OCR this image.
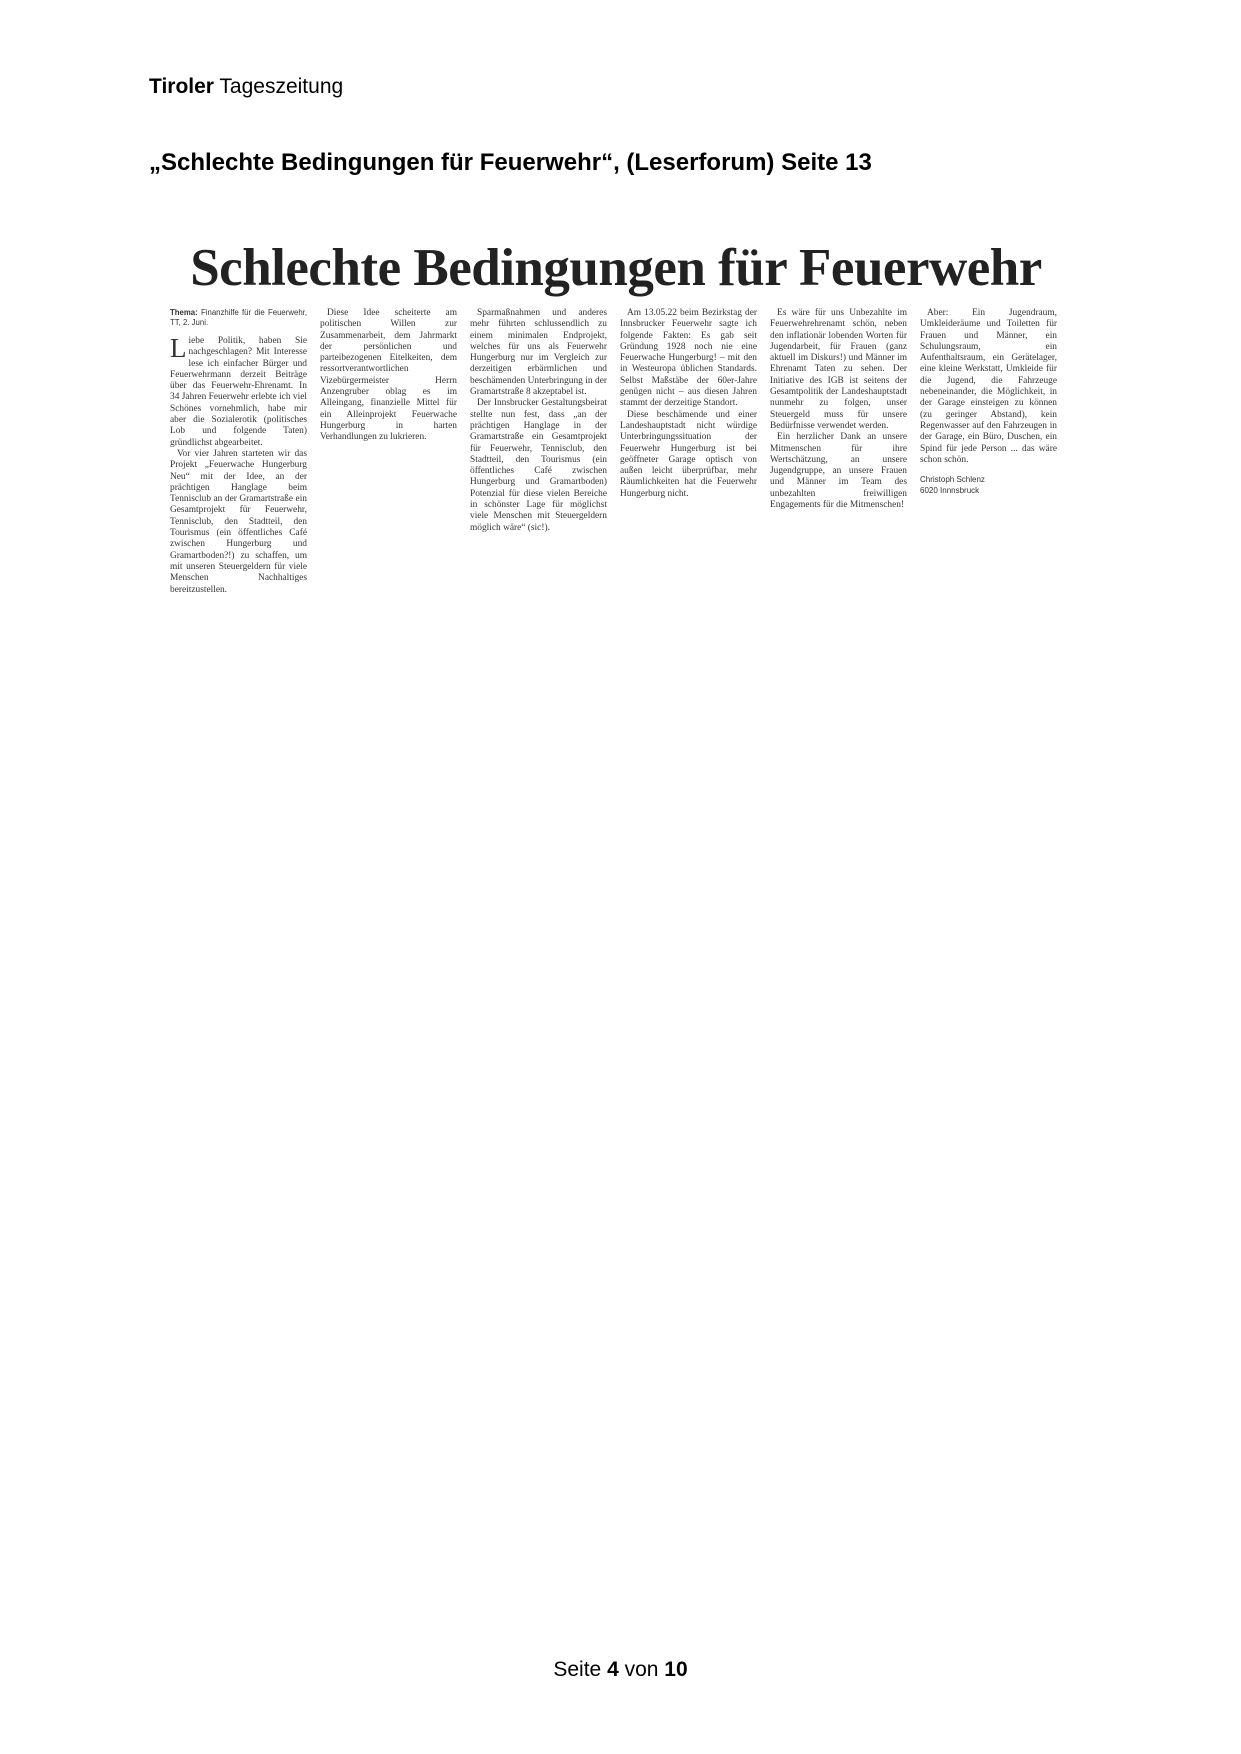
Tiroler Tageszeitung
„Schlechte Bedingungen für Feuerwehr“, (Leserforum) Seite 13
Schlechte Bedingungen für Feuerwehr

Thema: Finanzhilfe für die Feuerwehr, TT, 2. Juni.

Liebe Politik, haben Sie nachgeschlagen? Mit Interesse lese ich einfacher Bürger und Feuerwehrmann derzeit Beiträge über das Feuerwehr-Ehrenamt. In 34 Jahren Feuerwehr erlebte ich viel Schönes vornehmlich, habe mir aber die Sozialerotik (politisches Lob und folgende Taten) gründlichst abgearbeitet.

Vor vier Jahren starteten wir das Projekt „Feuerwache Hungerburg Neu“ mit der Idee, an der prächtigen Hanglage beim Tennisclub an der Gramartstraße ein Gesamtprojekt für Feuerwehr, Tennisclub, den Stadtteil, den Tourismus (ein öffentliches Café zwischen Hungerburg und Gramartboden?!) zu schaffen, um mit unseren Steuergeldern für viele Menschen Nachhaltiges bereitzustellen.

Diese Idee scheiterte am politischen Willen zur Zusammenarbeit, dem Jahrmarkt der persönlichen und parteibezogenen Eitelkeiten, dem ressortverantwortlichen Vizebürgermeister Herrn Anzengruber oblag es im Alleingang, finanzielle Mittel für ein Alleinprojekt Feuerwache Hungerburg in harten Verhandlungen zu lukrieren.

Sparmaßnahmen und anderes mehr führten schlussendlich zu einem minimalen Endprojekt, welches für uns als Feuerwehr Hungerburg nur im Vergleich zur derzeitigen erbärmlichen und beschämenden Unterbringung in der Gramartstraße 8 akzeptabel ist.

Der Innsbrucker Gestaltungsbeirat stellte nun fest, dass „an der prächtigen Hanglage in der Gramartstraße ein Gesamtprojekt für Feuerwehr, Tennisclub, den Stadtteil, den Tourismus (ein öffentliches Café zwischen Hungerburg und Gramartboden) Potenzial für diese vielen Bereiche in schönster Lage für möglichst viele Menschen mit Steuergeldern möglich wäre“ (sic!).

Am 13.05.22 beim Bezirkstag der Innsbrucker Feuerwehr sagte ich folgende Fakten: Es gab seit Gründung 1928 noch nie eine Feuerwache Hungerburg! – mit den in Westeuropa üblichen Standards. Selbst Maßstäbe der 60er-Jahre genügen nicht – aus diesen Jahren stammt der derzeitige Standort.

Diese beschämende und einer Landeshauptstadt nicht würdige Unterbringungssituation der Feuerwehr Hungerburg ist bei geöffneter Garage optisch von außen leicht überprüfbar, mehr Räumlichkeiten hat die Feuerwehr Hungerburg nicht.

Es wäre für uns Unbezahlte im Feuerwehrehrenamt schön, neben den inflationär lobenden Worten für Jugendarbeit, für Frauen (ganz aktuell im Diskurs!) und Männer im Ehrenamt Taten zu sehen. Der Initiative des IGB ist seitens der Gesamtpolitik der Landeshauptstadt nunmehr zu folgen, unser Steuergeld muss für unsere Bedürfnisse verwendet werden.

Ein herzlicher Dank an unsere Mitmenschen für ihre Wertschätzung, an unsere Jugendgruppe, an unsere Frauen und Männer im Team des unbezahlten freiwilligen Engagements für die Mitmenschen!

Aber: Ein Jugendraum, Umkleideräume und Toiletten für Frauen und Männer, ein Schulungsraum, ein Aufenthaltsraum, ein Gerätelager, eine kleine Werkstatt, Umkleide für die Jugend, die Fahrzeuge nebeneinander, die Möglichkeit, in der Garage einsteigen zu können (zu geringer Abstand), kein Regenwasser auf den Fahrzeugen in der Garage, ein Büro, Duschen, ein Spind für jede Person ... das wäre schon schön.

Christoph Schlenz
6020 Innnsbruck

Seite 4 von 10
